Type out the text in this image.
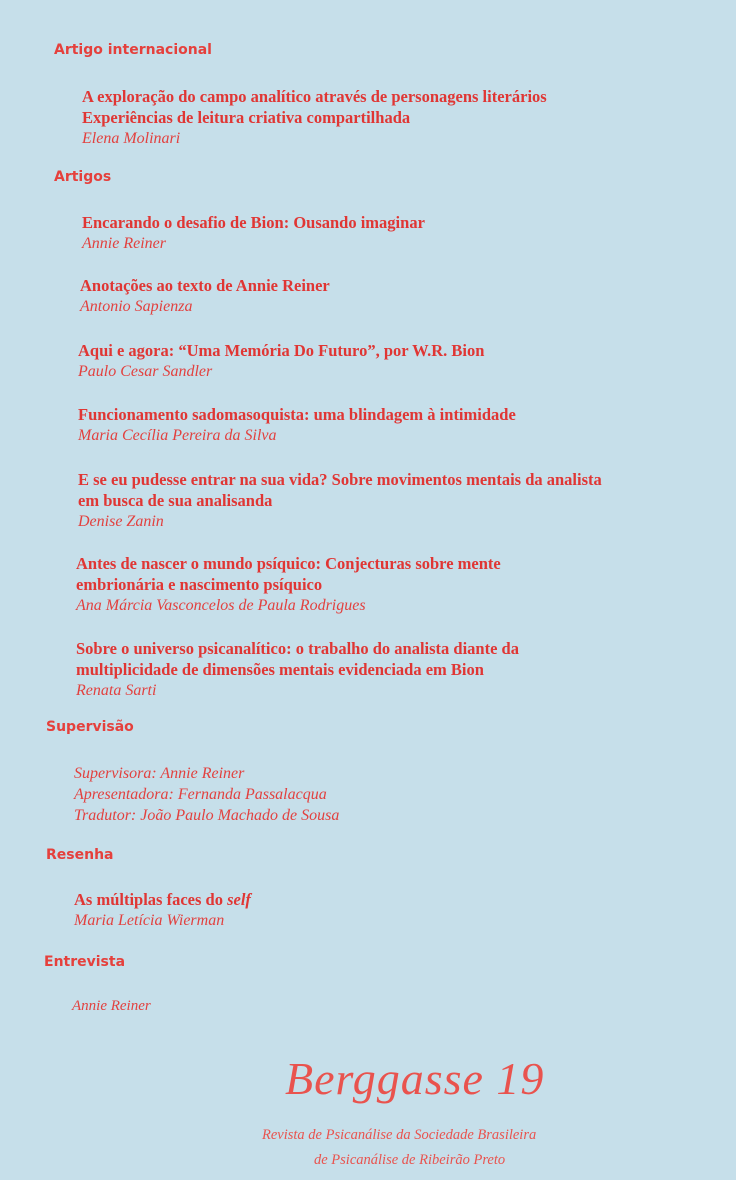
Artigo internacional
A exploração do campo analítico através de personagens literários
Experiências de leitura criativa compartilhada
Elena Molinari
Artigos
Encarando o desafio de Bion: Ousando imaginar
Annie Reiner
Anotações ao texto de Annie Reiner
Antonio Sapienza
Aqui e agora: “Uma Memória Do Futuro”, por W.R. Bion
Paulo Cesar Sandler
Funcionamento sadomasoquista: uma blindagem à intimidade
Maria Cecília Pereira da Silva
E se eu pudesse entrar na sua vida? Sobre movimentos mentais da analista
em busca de sua analisanda
Denise Zanin
Antes de nascer o mundo psíquico: Conjecturas sobre mente
embrionária e nascimento psíquico
Ana Márcia Vasconcelos de Paula Rodrigues
Sobre o universo psicanalítico: o trabalho do analista diante da
multiplicidade de dimensões mentais evidenciada em Bion
Renata Sarti
Supervisão
Supervisora: Annie Reiner
Apresentadora: Fernanda Passalacqua
Tradutor: João Paulo Machado de Sousa
Resenha
As múltiplas faces do self
Maria Letícia Wierman
Entrevista
Annie Reiner
Berggasse 19
Revista de Psicanálise da Sociedade Brasileira
de Psicanálise de Ribeirão Preto
